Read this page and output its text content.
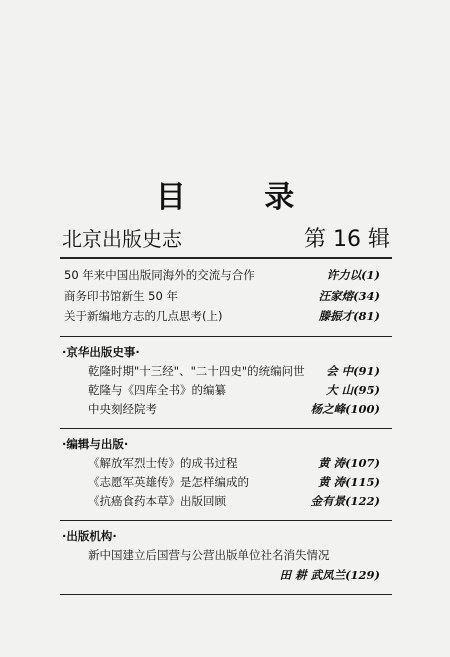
目 录
北京出版史志	第 16 辑
50 年来中国出版同海外的交流与合作	许力以(1)
商务印书馆新生 50 年	汪家熔(34)
关于新编地方志的几点思考(上)	滕振才(81)
·京华出版史事·
乾隆时期"十三经"、"二十四史"的统编问世 会 中(91)
乾隆与《四库全书》的编纂	大 山(95)
中央刻经院考	杨之峰(100)
·编辑与出版·
《解放军烈士传》的成书过程	黄 涛(107)
《志愿军英雄传》是怎样编成的	黄 涛(115)
《抗癌食药本草》出版回顾	金有景(122)
·出版机构·
新中国建立后国营与公营出版单位社名消失情况
田 耕 武凤兰(129)
